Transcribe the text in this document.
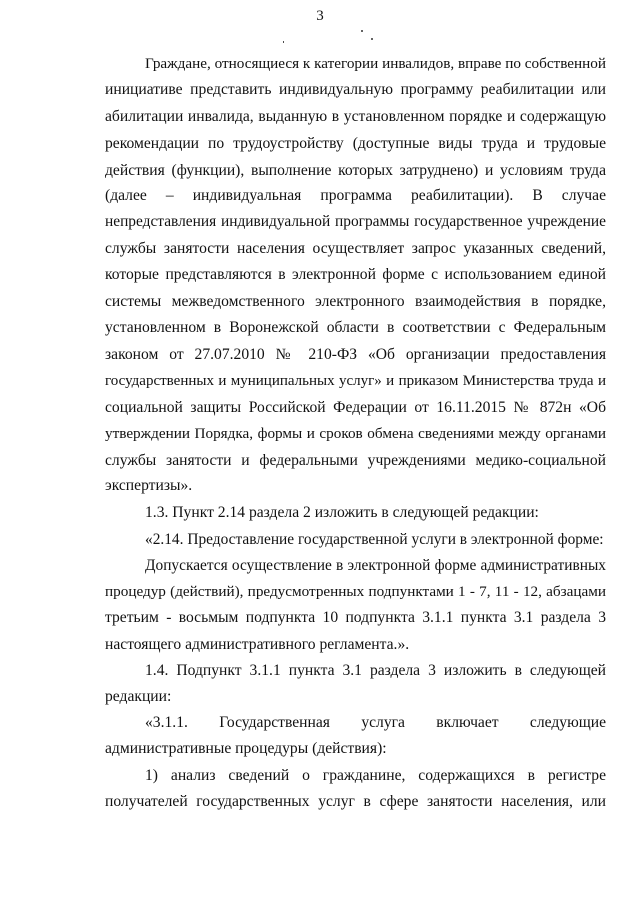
3
Граждане, относящиеся к категории инвалидов, вправе по собственной
инициативе представить индивидуальную программу реабилитации или
абилитации инвалида, выданную в установленном порядке и содержащую
рекомендации по трудоустройству (доступные виды труда и трудовые
действия (функции), выполнение которых затруднено) и условиям труда
(далее – индивидуальная программа реабилитации). В случае
непредставления индивидуальной программы государственное учреждение
службы занятости населения осуществляет запрос указанных сведений,
которые представляются в электронной форме с использованием единой
системы межведомственного электронного взаимодействия в порядке,
установленном в Воронежской области в соответствии с Федеральным
законом от 27.07.2010 № 210-ФЗ «Об организации предоставления
государственных и муниципальных услуг» и приказом Министерства труда и
социальной защиты Российской Федерации от 16.11.2015 № 872н «Об
утверждении Порядка, формы и сроков обмена сведениями между органами
службы занятости и федеральными учреждениями медико-социальной
экспертизы».
1.3. Пункт 2.14 раздела 2 изложить в следующей редакции:
«2.14. Предоставление государственной услуги в электронной форме:
Допускается осуществление в электронной форме административных
процедур (действий), предусмотренных подпунктами 1 - 7, 11 - 12, абзацами
третьим - восьмым подпункта 10 подпункта 3.1.1 пункта 3.1 раздела 3
настоящего административного регламента.».
1.4. Подпункт 3.1.1 пункта 3.1 раздела 3 изложить в следующей
редакции:
«3.1.1. Государственная услуга включает следующие
административные процедуры (действия):
1) анализ сведений о гражданине, содержащихся в регистре
получателей государственных услуг в сфере занятости населения, или
